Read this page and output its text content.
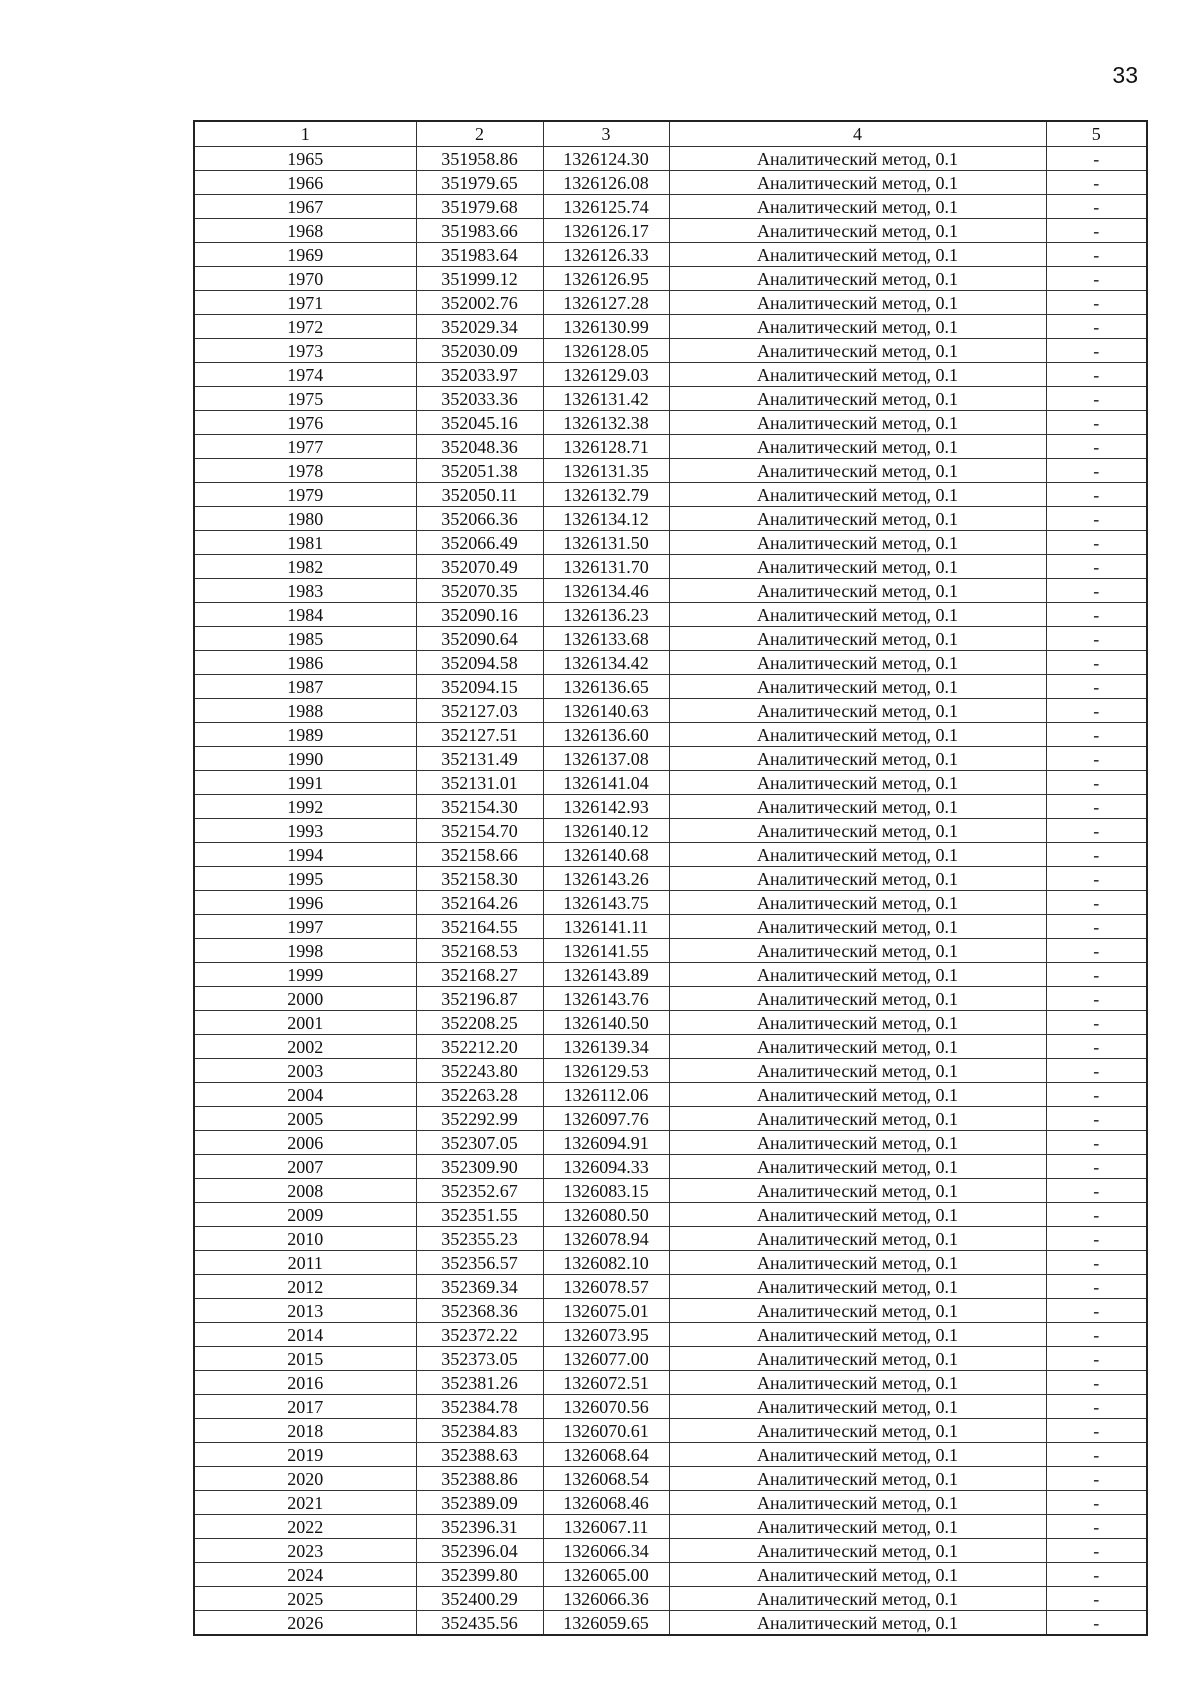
33
1	2	3	4	5
1965	351958.86	1326124.30	Аналитический метод, 0.1	-
1966	351979.65	1326126.08	Аналитический метод, 0.1	-
1967	351979.68	1326125.74	Аналитический метод, 0.1	-
1968	351983.66	1326126.17	Аналитический метод, 0.1	-
1969	351983.64	1326126.33	Аналитический метод, 0.1	-
1970	351999.12	1326126.95	Аналитический метод, 0.1	-
1971	352002.76	1326127.28	Аналитический метод, 0.1	-
1972	352029.34	1326130.99	Аналитический метод, 0.1	-
1973	352030.09	1326128.05	Аналитический метод, 0.1	-
1974	352033.97	1326129.03	Аналитический метод, 0.1	-
1975	352033.36	1326131.42	Аналитический метод, 0.1	-
1976	352045.16	1326132.38	Аналитический метод, 0.1	-
1977	352048.36	1326128.71	Аналитический метод, 0.1	-
1978	352051.38	1326131.35	Аналитический метод, 0.1	-
1979	352050.11	1326132.79	Аналитический метод, 0.1	-
1980	352066.36	1326134.12	Аналитический метод, 0.1	-
1981	352066.49	1326131.50	Аналитический метод, 0.1	-
1982	352070.49	1326131.70	Аналитический метод, 0.1	-
1983	352070.35	1326134.46	Аналитический метод, 0.1	-
1984	352090.16	1326136.23	Аналитический метод, 0.1	-
1985	352090.64	1326133.68	Аналитический метод, 0.1	-
1986	352094.58	1326134.42	Аналитический метод, 0.1	-
1987	352094.15	1326136.65	Аналитический метод, 0.1	-
1988	352127.03	1326140.63	Аналитический метод, 0.1	-
1989	352127.51	1326136.60	Аналитический метод, 0.1	-
1990	352131.49	1326137.08	Аналитический метод, 0.1	-
1991	352131.01	1326141.04	Аналитический метод, 0.1	-
1992	352154.30	1326142.93	Аналитический метод, 0.1	-
1993	352154.70	1326140.12	Аналитический метод, 0.1	-
1994	352158.66	1326140.68	Аналитический метод, 0.1	-
1995	352158.30	1326143.26	Аналитический метод, 0.1	-
1996	352164.26	1326143.75	Аналитический метод, 0.1	-
1997	352164.55	1326141.11	Аналитический метод, 0.1	-
1998	352168.53	1326141.55	Аналитический метод, 0.1	-
1999	352168.27	1326143.89	Аналитический метод, 0.1	-
2000	352196.87	1326143.76	Аналитический метод, 0.1	-
2001	352208.25	1326140.50	Аналитический метод, 0.1	-
2002	352212.20	1326139.34	Аналитический метод, 0.1	-
2003	352243.80	1326129.53	Аналитический метод, 0.1	-
2004	352263.28	1326112.06	Аналитический метод, 0.1	-
2005	352292.99	1326097.76	Аналитический метод, 0.1	-
2006	352307.05	1326094.91	Аналитический метод, 0.1	-
2007	352309.90	1326094.33	Аналитический метод, 0.1	-
2008	352352.67	1326083.15	Аналитический метод, 0.1	-
2009	352351.55	1326080.50	Аналитический метод, 0.1	-
2010	352355.23	1326078.94	Аналитический метод, 0.1	-
2011	352356.57	1326082.10	Аналитический метод, 0.1	-
2012	352369.34	1326078.57	Аналитический метод, 0.1	-
2013	352368.36	1326075.01	Аналитический метод, 0.1	-
2014	352372.22	1326073.95	Аналитический метод, 0.1	-
2015	352373.05	1326077.00	Аналитический метод, 0.1	-
2016	352381.26	1326072.51	Аналитический метод, 0.1	-
2017	352384.78	1326070.56	Аналитический метод, 0.1	-
2018	352384.83	1326070.61	Аналитический метод, 0.1	-
2019	352388.63	1326068.64	Аналитический метод, 0.1	-
2020	352388.86	1326068.54	Аналитический метод, 0.1	-
2021	352389.09	1326068.46	Аналитический метод, 0.1	-
2022	352396.31	1326067.11	Аналитический метод, 0.1	-
2023	352396.04	1326066.34	Аналитический метод, 0.1	-
2024	352399.80	1326065.00	Аналитический метод, 0.1	-
2025	352400.29	1326066.36	Аналитический метод, 0.1	-
2026	352435.56	1326059.65	Аналитический метод, 0.1	-
